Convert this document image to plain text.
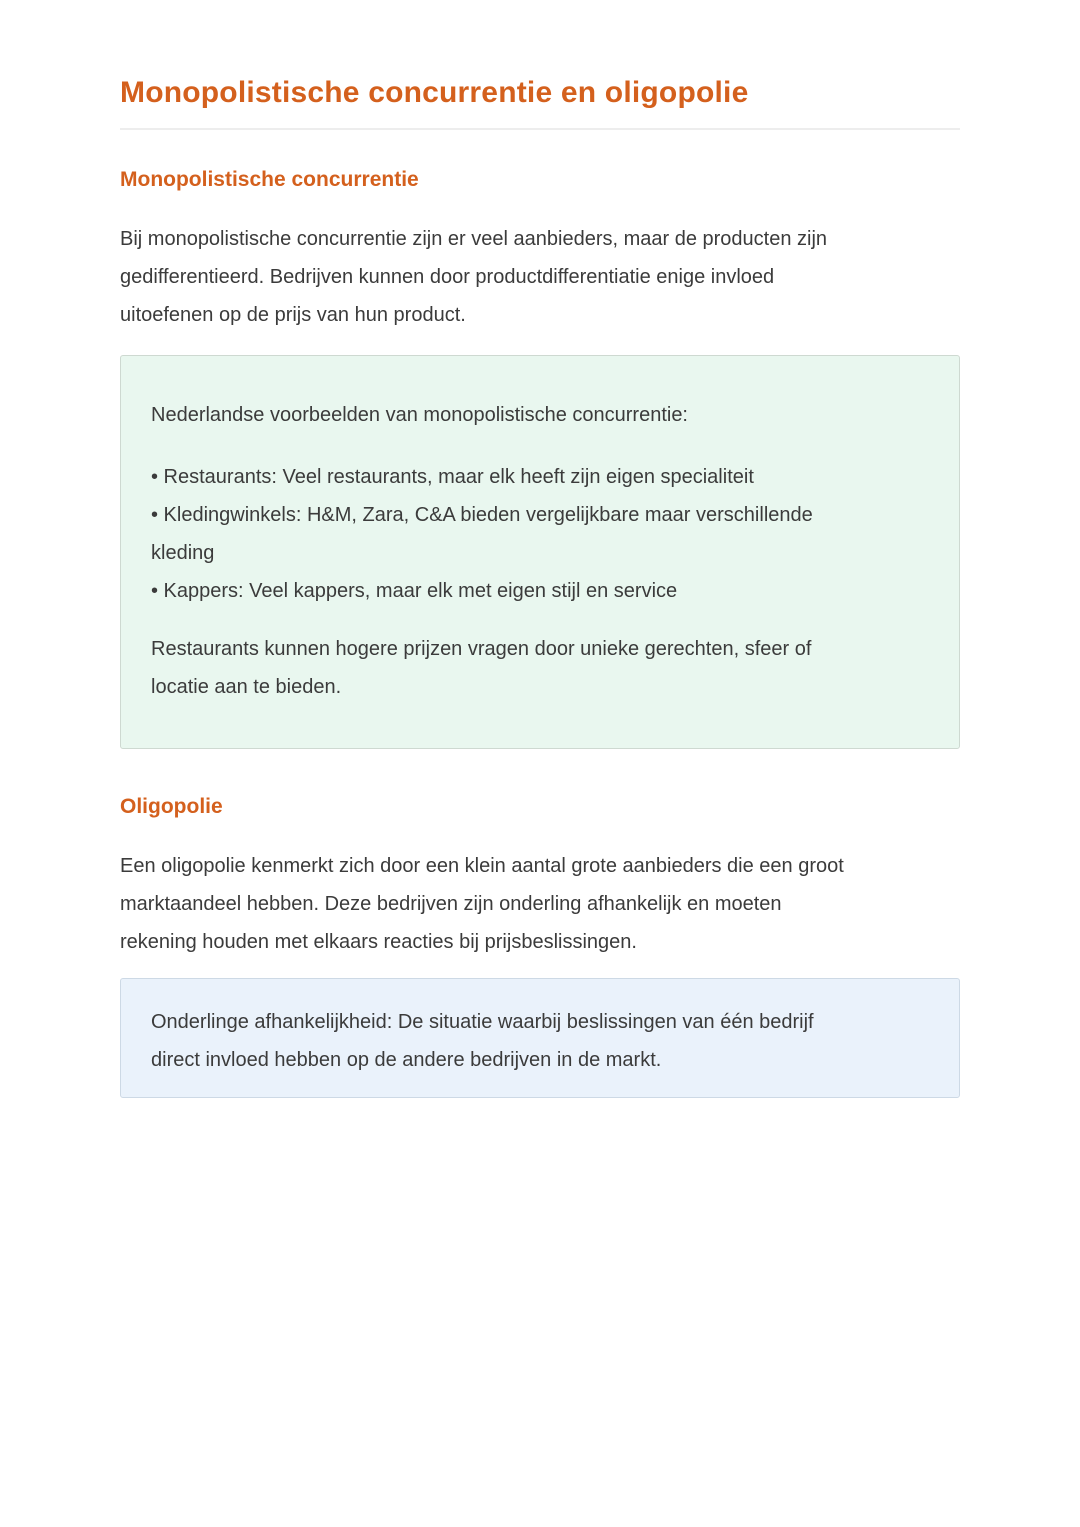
Monopolistische concurrentie en oligopolie
Monopolistische concurrentie
Bij monopolistische concurrentie zijn er veel aanbieders, maar de producten zijn
gedifferentieerd. Bedrijven kunnen door productdifferentiatie enige invloed
uitoefenen op de prijs van hun product.
Nederlandse voorbeelden van monopolistische concurrentie:
• Restaurants: Veel restaurants, maar elk heeft zijn eigen specialiteit
• Kledingwinkels: H&M, Zara, C&A bieden vergelijkbare maar verschillende
kleding
• Kappers: Veel kappers, maar elk met eigen stijl en service
Restaurants kunnen hogere prijzen vragen door unieke gerechten, sfeer of
locatie aan te bieden.
Oligopolie
Een oligopolie kenmerkt zich door een klein aantal grote aanbieders die een groot
marktaandeel hebben. Deze bedrijven zijn onderling afhankelijk en moeten
rekening houden met elkaars reacties bij prijsbeslissingen.
Onderlinge afhankelijkheid: De situatie waarbij beslissingen van één bedrijf
direct invloed hebben op de andere bedrijven in de markt.
